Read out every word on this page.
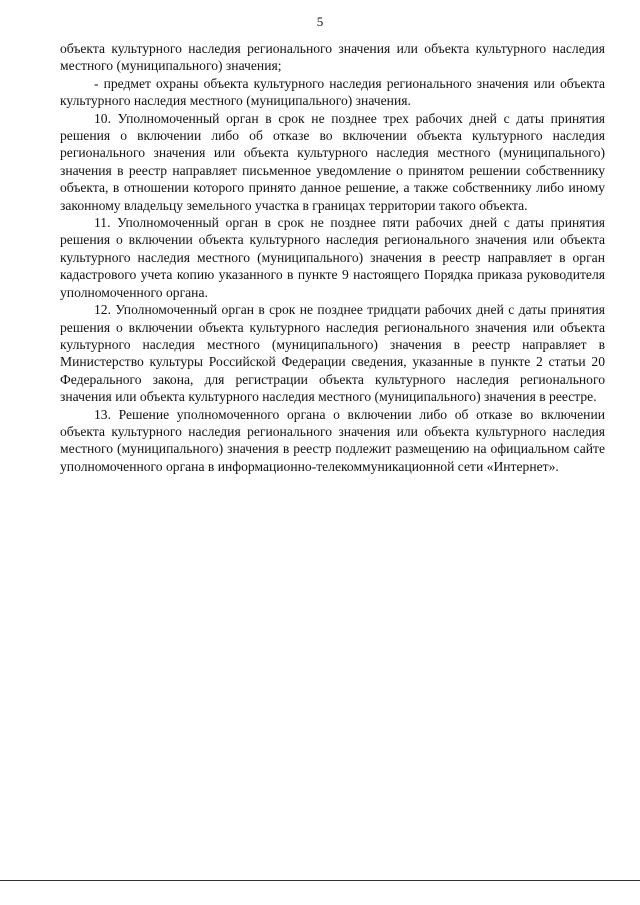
5

объекта культурного наследия регионального значения или объекта культурного наследия местного (муниципального) значения;

- предмет охраны объекта культурного наследия регионального значения или объекта культурного наследия местного (муниципального) значения.

10. Уполномоченный орган в срок не позднее трех рабочих дней с даты принятия решения о включении либо об отказе во включении объекта культурного наследия регионального значения или объекта культурного наследия местного (муниципального) значения в реестр направляет письменное уведомление о принятом решении собственнику объекта, в отношении которого принято данное решение, а также собственнику либо иному законному владельцу земельного участка в границах территории такого объекта.

11. Уполномоченный орган в срок не позднее пяти рабочих дней с даты принятия решения о включении объекта культурного наследия регионального значения или объекта культурного наследия местного (муниципального) значения в реестр направляет в орган кадастрового учета копию указанного в пункте 9 настоящего Порядка приказа руководителя уполномоченного органа.

12. Уполномоченный орган в срок не позднее тридцати рабочих дней с даты принятия решения о включении объекта культурного наследия регионального значения или объекта культурного наследия местного (муниципального) значения в реестр направляет в Министерство культуры Российской Федерации сведения, указанные в пункте 2 статьи 20 Федерального закона, для регистрации объекта культурного наследия регионального значения или объекта культурного наследия местного (муниципального) значения в реестре.

13. Решение уполномоченного органа о включении либо об отказе во включении объекта культурного наследия регионального значения или объекта культурного наследия местного (муниципального) значения в реестр подлежит размещению на официальном сайте уполномоченного органа в информационно-телекоммуникационной сети «Интернет».
